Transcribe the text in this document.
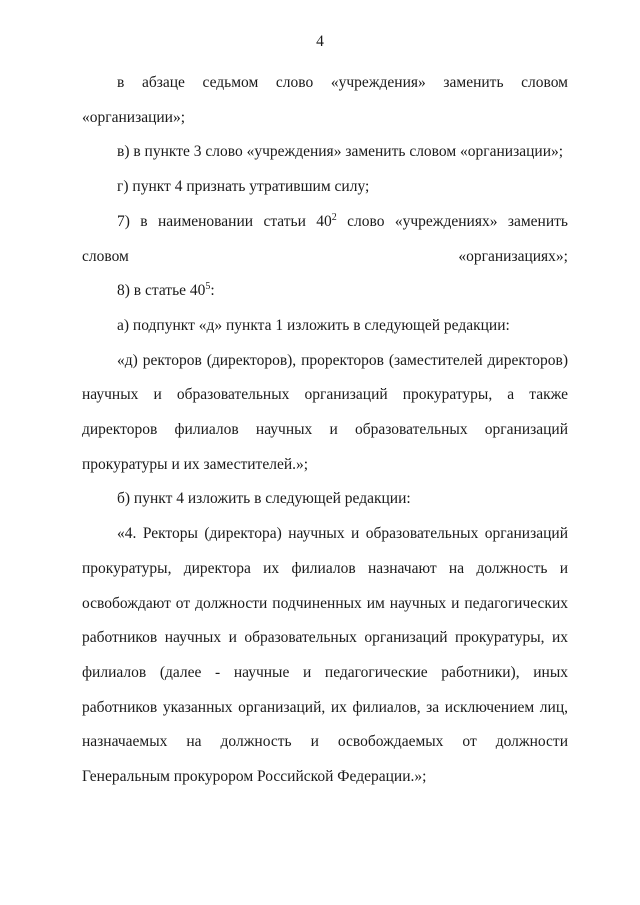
4

в абзаце седьмом слово «учреждения» заменить словом «организации»;

в) в пункте 3 слово «учреждения» заменить словом «организации»;

г) пункт 4 признать утратившим силу;

7) в наименовании статьи $40^2$ слово «учреждениях» заменить словом «организациях»;

8) в статье $40^5$:

а) подпункт «д» пункта 1 изложить в следующей редакции:

«д) ректоров (директоров), проректоров (заместителей директоров) научных и образовательных организаций прокуратуры, а также директоров филиалов научных и образовательных организаций прокуратуры и их заместителей.»;

б) пункт 4 изложить в следующей редакции:

«4. Ректоры (директора) научных и образовательных организаций прокуратуры, директора их филиалов назначают на должность и освобождают от должности подчиненных им научных и педагогических работников научных и образовательных организаций прокуратуры, их филиалов (далее - научные и педагогические работники), иных работников указанных организаций, их филиалов, за исключением лиц, назначаемых на должность и освобождаемых от должности Генеральным прокурором Российской Федерации.»;
